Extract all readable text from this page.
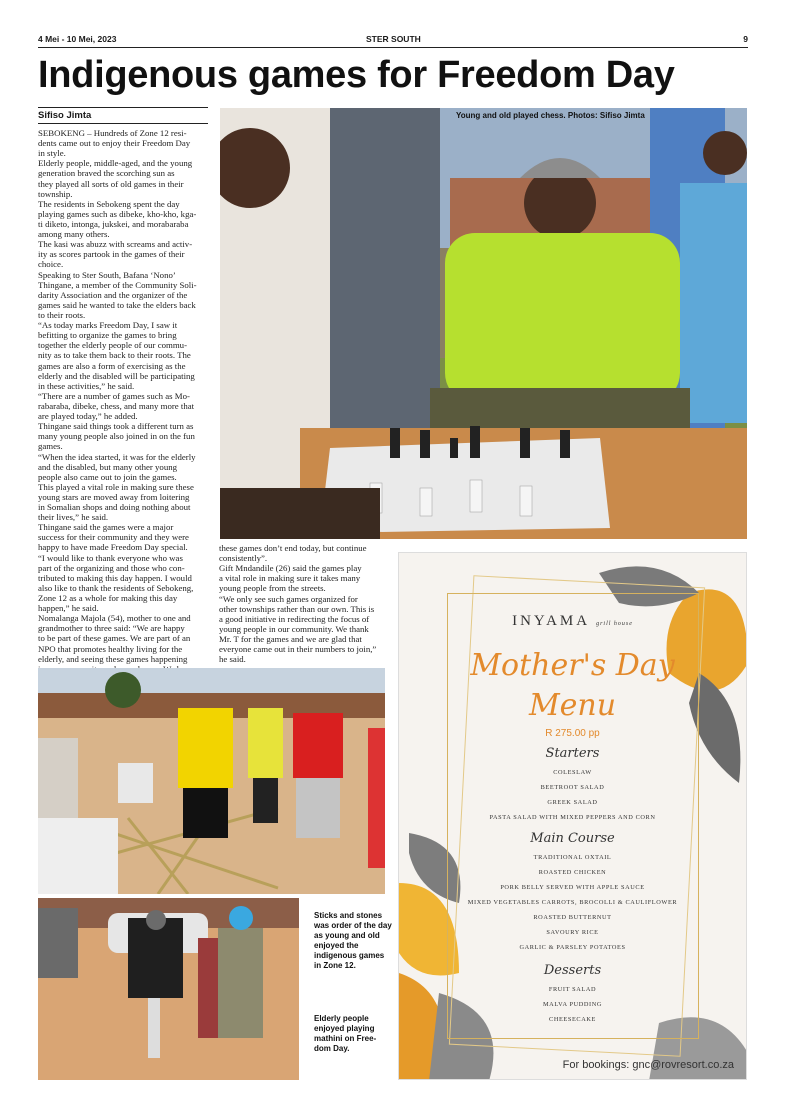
4 Mei - 10 Mei, 2023	STER SOUTH	9
Indigenous games for Freedom Day
Sifiso Jimta

SEBOKENG – Hundreds of Zone 12 resi-

dents came out to enjoy their Freedom Day

in style.

Elderly people, middle-aged, and the young

generation braved the scorching sun as

they played all sorts of old games in their

township.

The residents in Sebokeng spent the day

playing games such as dibeke, kho-kho, kga-

ti diketo, intonga, jukskei, and morabaraba

among many others.

The kasi was abuzz with screams and activ-

ity as scores partook in the games of their

choice.

Speaking to Ster South, Bafana ‘Nono’

Thingane, a member of the Community Soli-

darity Association and the organizer of the

games said he wanted to take the elders back

to their roots.

“As today marks Freedom Day, I saw it

befitting to organize the games to bring

together the elderly people of our commu-

nity as to take them back to their roots. The

games are also a form of exercising as the

elderly and the disabled will be participating

in these activities,” he said.

“There are a number of games such as Mo-

rabaraba, dibeke, chess, and many more that

are played today,” he added.

Thingane said things took a different turn as

many young people also joined in on the fun

games.

“When the idea started, it was for the elderly

and the disabled, but many other young

people also came out to join the games.

This played a vital role in making sure these

young stars are moved away from loitering

in Somalian shops and doing nothing about

their lives,” he said.

Thingane said the games were a major

success for their community and they were

happy to have made Freedom Day special.

“I would like to thank everyone who was

part of the organizing and those who con-

tributed to making this day happen. I would

also like to thank the residents of Sebokeng,

Zone 12 as a whole for making this day

happen,” he said.

Nomalanga Majola (54), mother to one and

grandmother to three said: “We are happy

to be part of these games. We are part of an

NPO that promotes healthy living for the

elderly, and seeing these games happening

Young and old played chess. Photos: Sifiso Jimta

these games don’t end today, but continue

consistently”.

Gift Mndandile (26) said the games play

a vital role in making sure it takes many

young people from the streets.

“We only see such games organized for

other townships rather than our own. This is

a good initiative in redirecting the focus of

young people in our community. We thank

Mr. T for the games and we are glad that

everyone came out in their numbers to join,”

he said.

Sticks and stones was order of the day as young and old enjoyed the indigenous games in Zone 12.
Elderly people enjoyed playing mathini on Free-dom Day.
INYAMA grill house
Mother's Day
Menu
R 275.00 pp
Starters
COLESLAW
BEETROOT SALAD
GREEK SALAD
PASTA SALAD WITH MIXED PEPPERS AND CORN
Main Course
TRADITIONAL OXTAIL
ROASTED CHICKEN
PORK BELLY SERVED WITH APPLE SAUCE
MIXED VEGETABLES CARROTS, BROCOLLI & CAULIFLOWER
ROASTED BUTTERNUT
SAVOURY RICE
GARLIC & PARSLEY POTATOES
Desserts
FRUIT SALAD
MALVA PUDDING
CHEESECAKE
For bookings: gnc@rovresort.co.za
